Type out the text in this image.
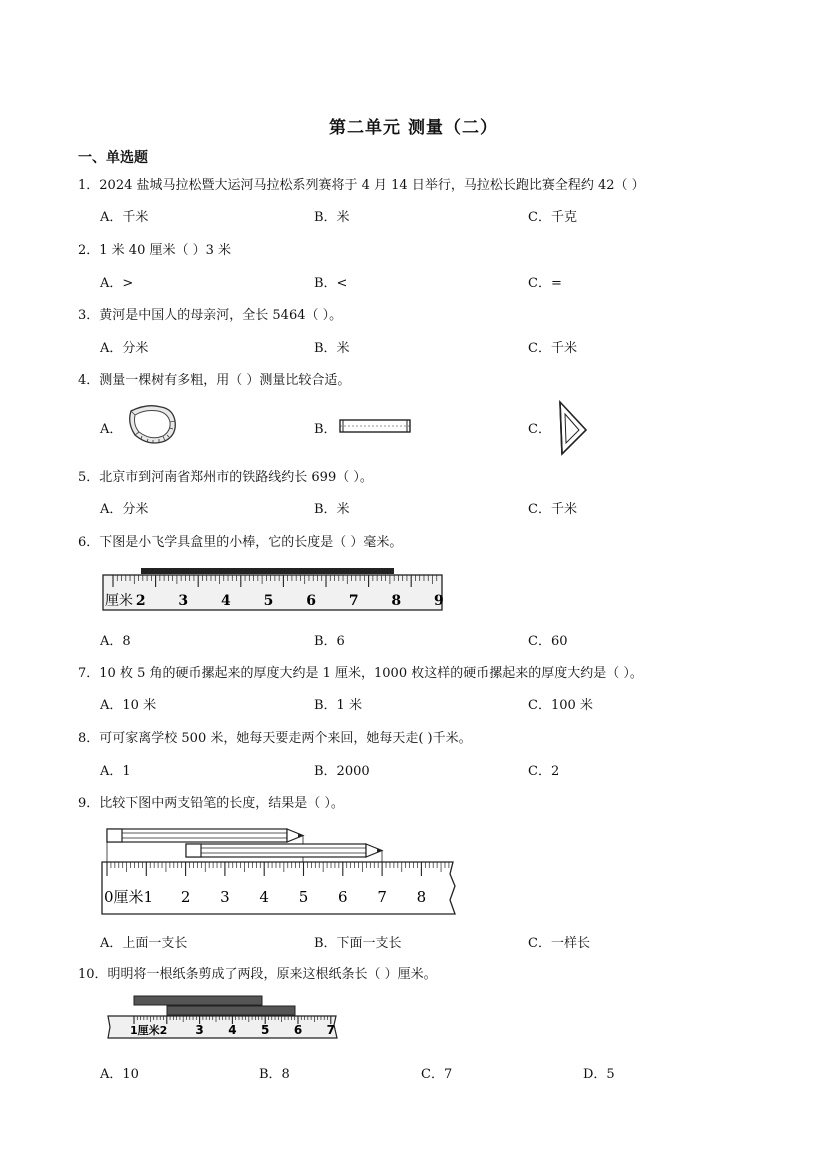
第二单元 测量（二）
一、单选题
1．2024 盐城马拉松暨大运河马拉松系列赛将于 4 月 14 日举行，马拉松长跑比赛全程约 42（ ）
A．千米	B．米	C．千克
2．1 米 40 厘米（ ）3 米
A．>	B．<	C．=
3．黄河是中国人的母亲河，全长 5464（ ）。
A．分米	B．米	C．千米
4．测量一棵树有多粗，用（ ）测量比较合适。
A．	B．	C．
5．北京市到河南省郑州市的铁路线约长 699（ ）。
A．分米	B．米	C．千米
6．下图是小飞学具盒里的小棒，它的长度是（ ）毫米。
厘米 2 3 4 5 6 7 8 9
A．8	B．6	C．60
7．10 枚 5 角的硬币摞起来的厚度大约是 1 厘米，1000 枚这样的硬币摞起来的厚度大约是（ ）。
A．10 米	B．1 米	C．100 米
8．可可家离学校 500 米，她每天要走两个来回，她每天走( )千米。
A．1	B．2000	C．2
9．比较下图中两支铅笔的长度，结果是（ ）。
0厘米1 2 3 4 5 6 7 8
A．上面一支长	B．下面一支长	C．一样长
10．明明将一根纸条剪成了两段，原来这根纸条长（ ）厘米。
1厘米2 3 4 5 6 7
A．10	B．8	C．7	D．5
